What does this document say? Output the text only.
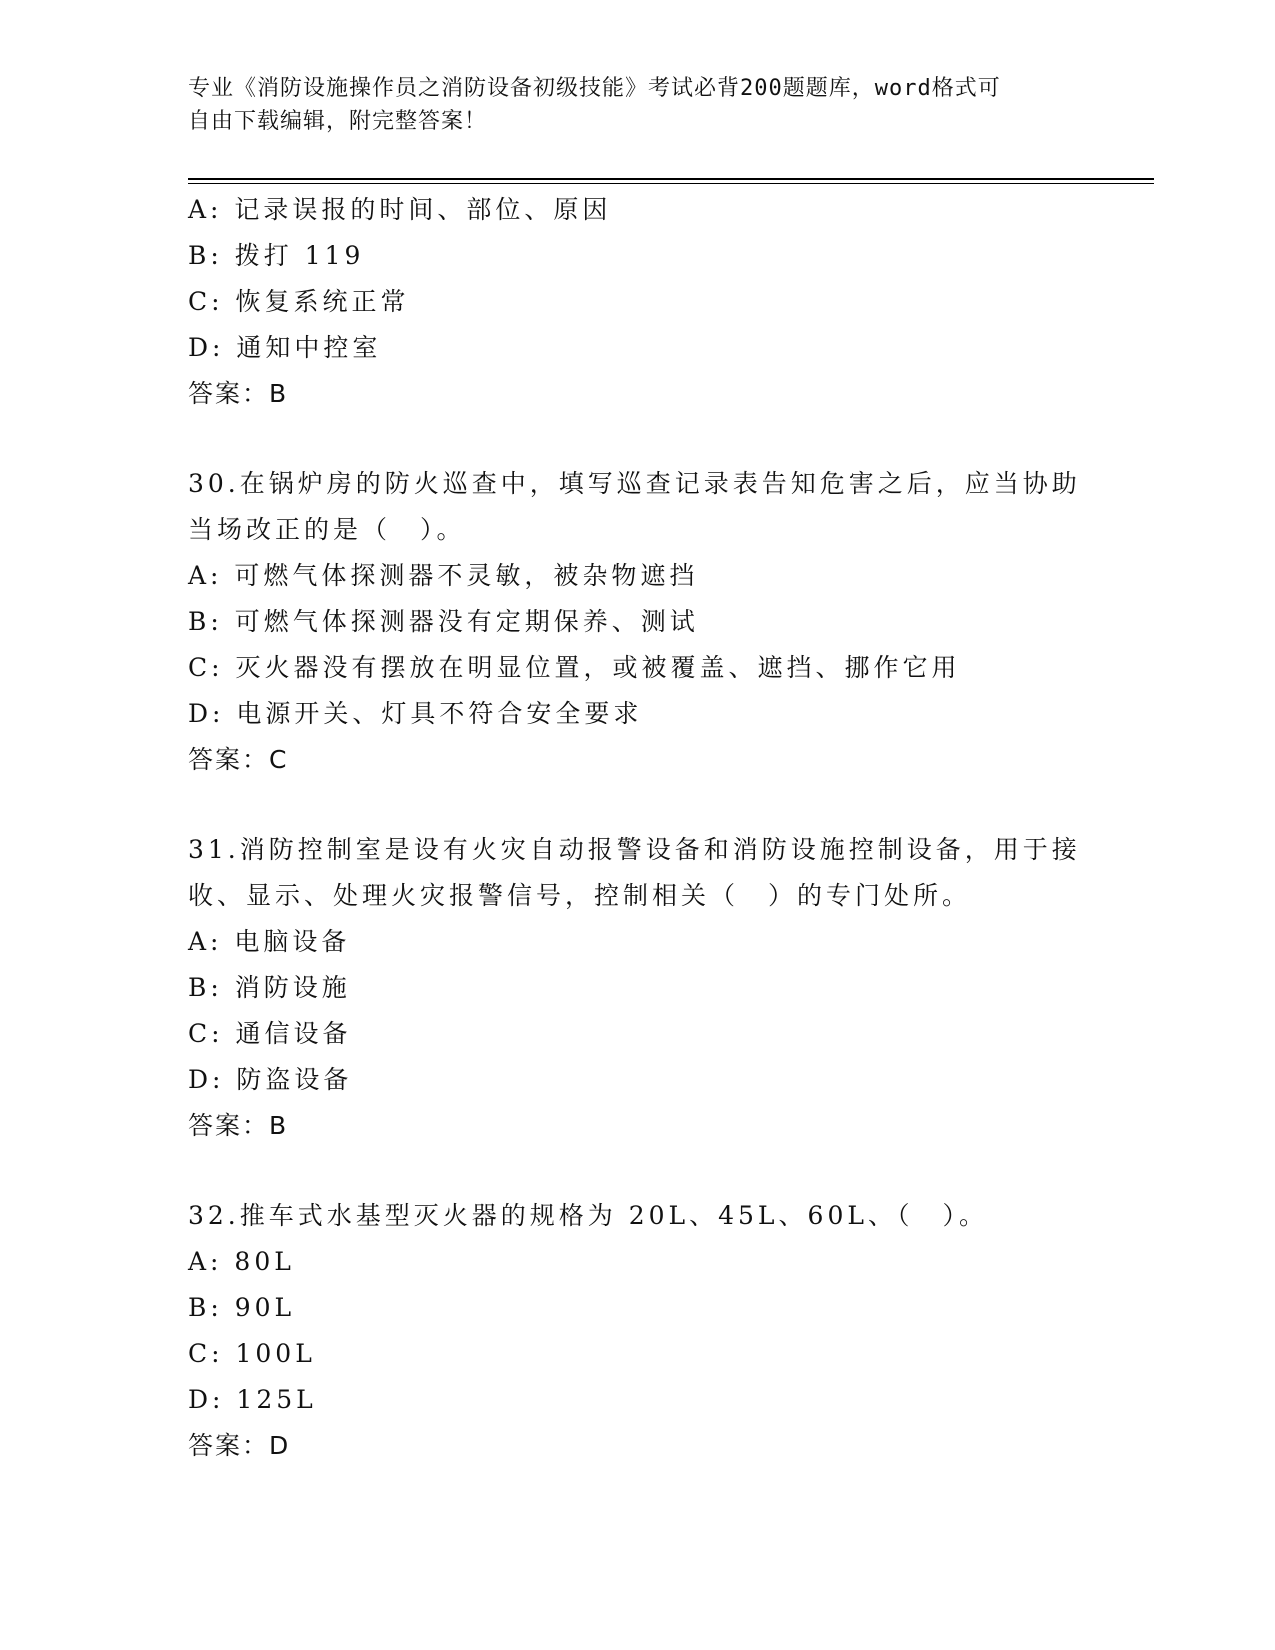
专业《消防设施操作员之消防设备初级技能》考试必背200题题库，word格式可
自由下载编辑，附完整答案！
A: 记录误报的时间、部位、原因
B: 拨打 119
C: 恢复系统正常
D: 通知中控室
答案：B
30.在锅炉房的防火巡查中，填写巡查记录表告知危害之后，应当协助
当场改正的是（　）。
A: 可燃气体探测器不灵敏，被杂物遮挡
B: 可燃气体探测器没有定期保养、测试
C: 灭火器没有摆放在明显位置，或被覆盖、遮挡、挪作它用
D: 电源开关、灯具不符合安全要求
答案：C
31.消防控制室是设有火灾自动报警设备和消防设施控制设备，用于接
收、显示、处理火灾报警信号，控制相关（　）的专门处所。
A: 电脑设备
B: 消防设施
C: 通信设备
D: 防盗设备
答案：B
32.推车式水基型灭火器的规格为 20L、45L、60L、（　）。
A: 80L
B: 90L
C: 100L
D: 125L
答案：D
